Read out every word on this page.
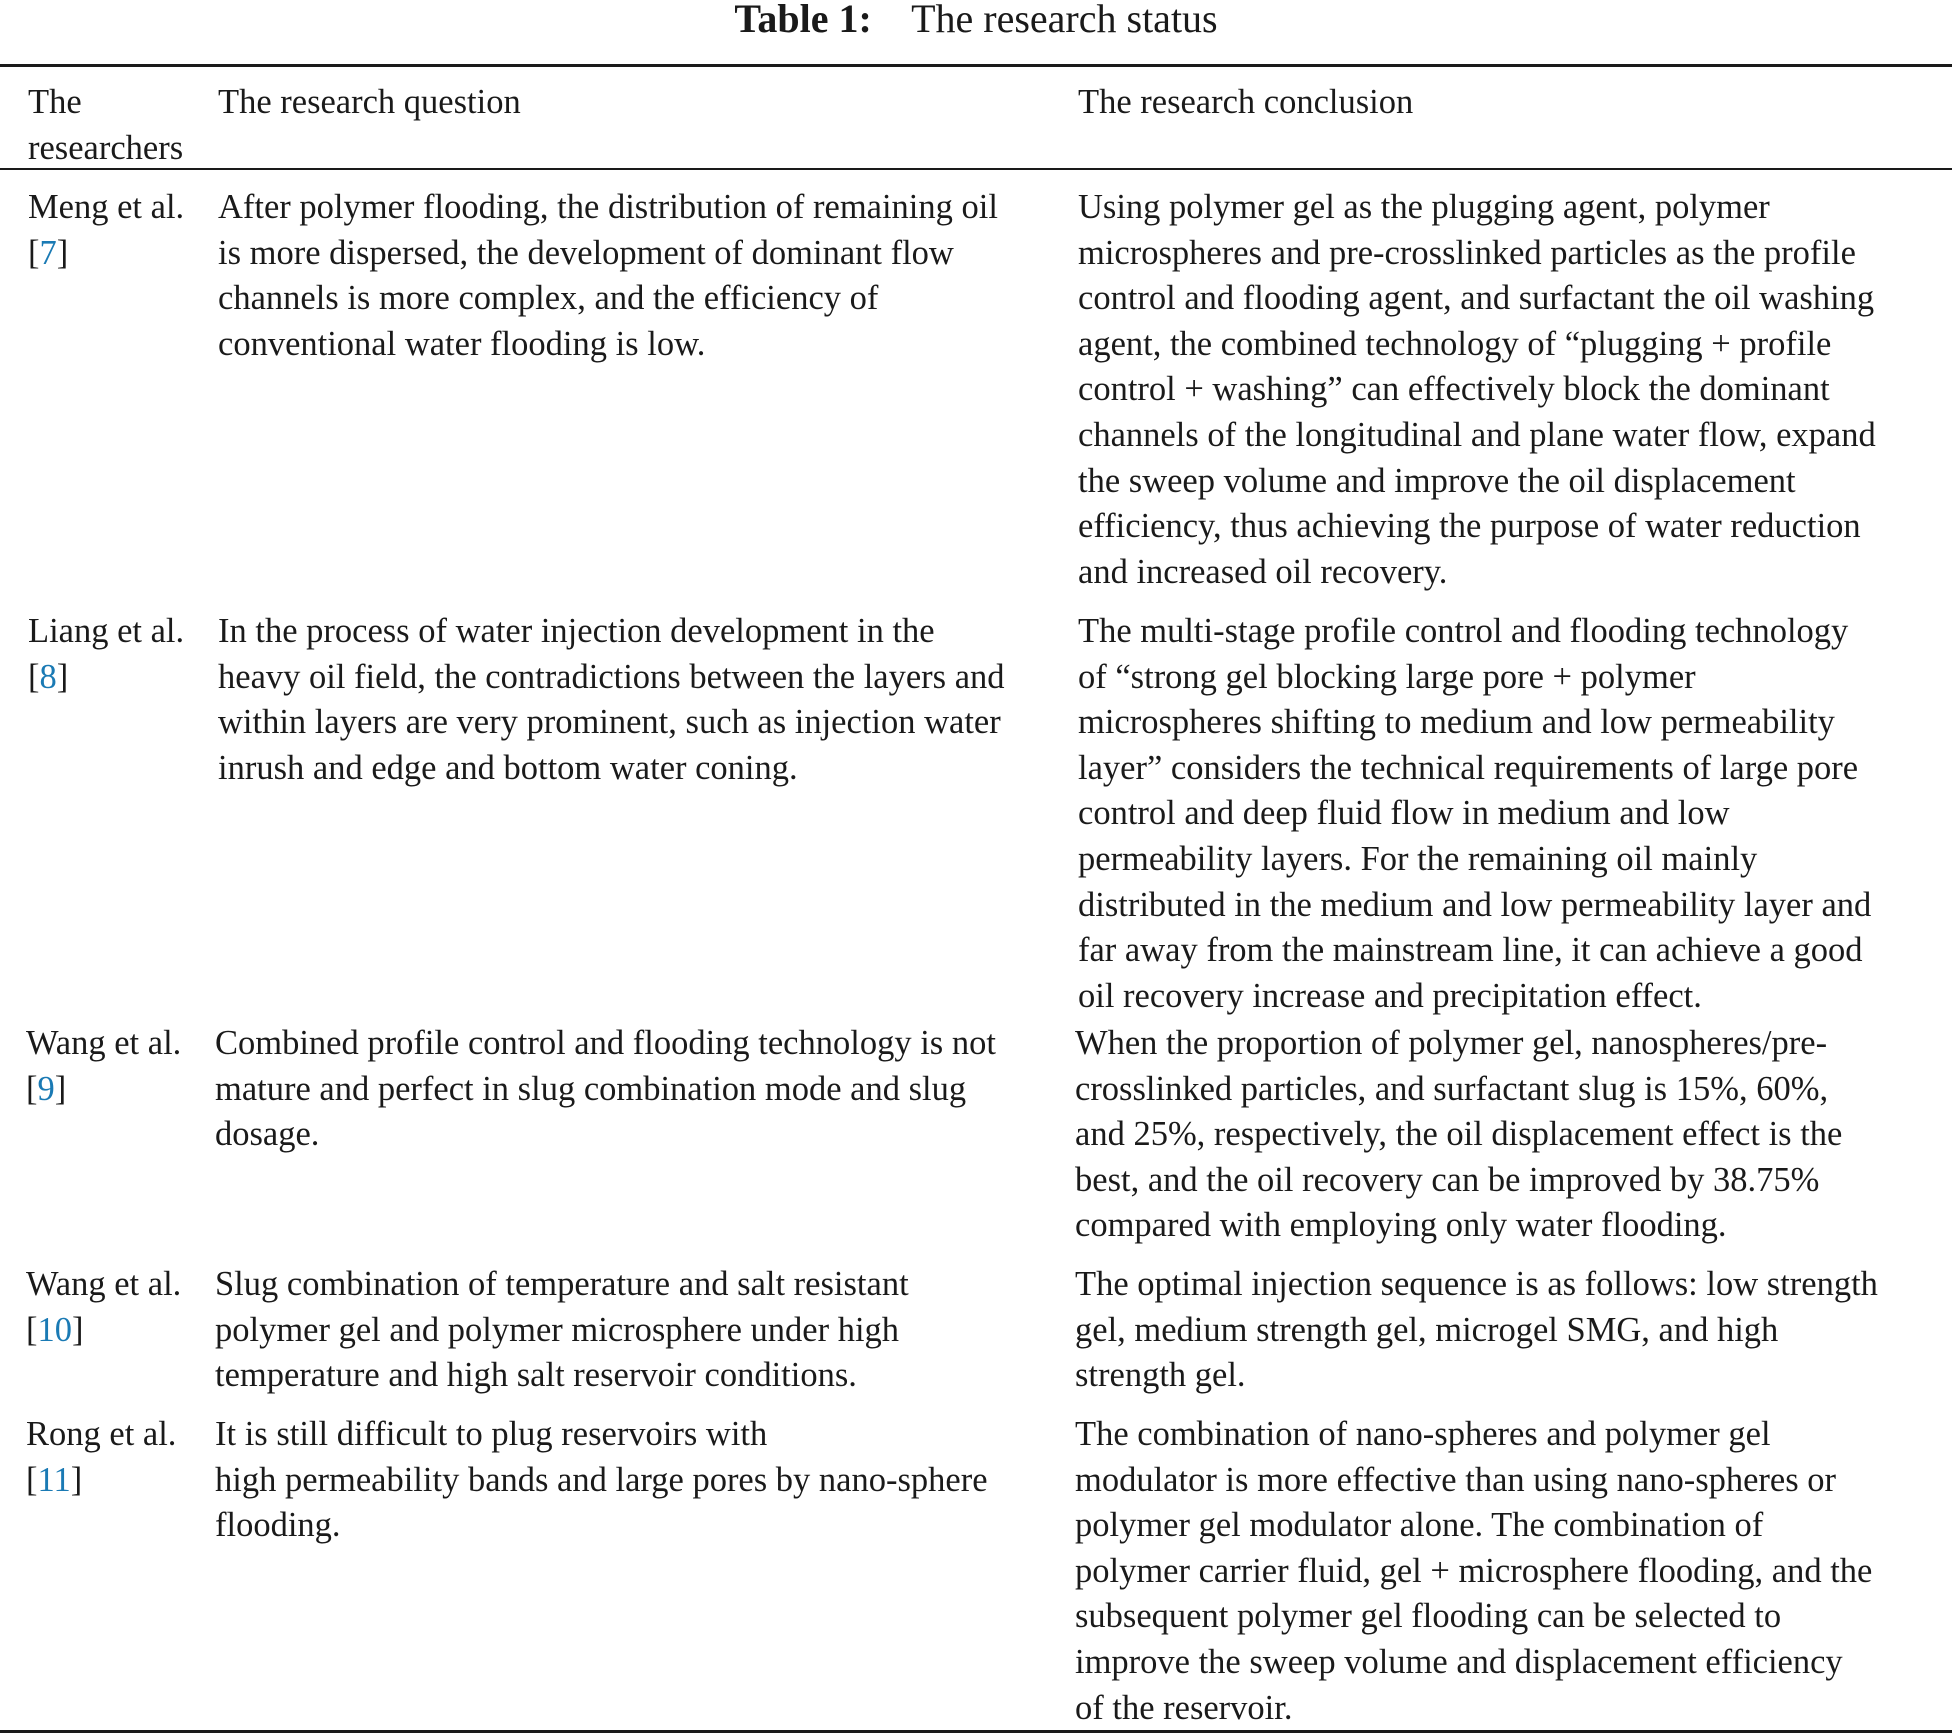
Table 1: The research status
The
researchers
The research question	The research conclusion
Meng et al.
[7]
After polymer flooding, the distribution of remaining oil
is more dispersed, the development of dominant flow
channels is more complex, and the efficiency of
conventional water flooding is low.
Using polymer gel as the plugging agent, polymer
microspheres and pre-crosslinked particles as the profile
control and flooding agent, and surfactant the oil washing
agent, the combined technology of “plugging + profile
control + washing” can effectively block the dominant
channels of the longitudinal and plane water flow, expand
the sweep volume and improve the oil displacement
efficiency, thus achieving the purpose of water reduction
and increased oil recovery.
Liang et al.
[8]
In the process of water injection development in the
heavy oil field, the contradictions between the layers and
within layers are very prominent, such as injection water
inrush and edge and bottom water coning.
The multi-stage profile control and flooding technology
of “strong gel blocking large pore + polymer
microspheres shifting to medium and low permeability
layer” considers the technical requirements of large pore
control and deep fluid flow in medium and low
permeability layers. For the remaining oil mainly
distributed in the medium and low permeability layer and
far away from the mainstream line, it can achieve a good
oil recovery increase and precipitation effect.
Wang et al.
[9]
Combined profile control and flooding technology is not
mature and perfect in slug combination mode and slug
dosage.
When the proportion of polymer gel, nanospheres/pre-
crosslinked particles, and surfactant slug is 15%, 60%,
and 25%, respectively, the oil displacement effect is the
best, and the oil recovery can be improved by 38.75%
compared with employing only water flooding.
Wang et al.
[10]
Slug combination of temperature and salt resistant
polymer gel and polymer microsphere under high
temperature and high salt reservoir conditions.
The optimal injection sequence is as follows: low strength
gel, medium strength gel, microgel SMG, and high
strength gel.
Rong et al.
[11]
It is still difficult to plug reservoirs with
high permeability bands and large pores by nano-sphere
flooding.
The combination of nano-spheres and polymer gel
modulator is more effective than using nano-spheres or
polymer gel modulator alone. The combination of
polymer carrier fluid, gel + microsphere flooding, and the
subsequent polymer gel flooding can be selected to
improve the sweep volume and displacement efficiency
of the reservoir.
